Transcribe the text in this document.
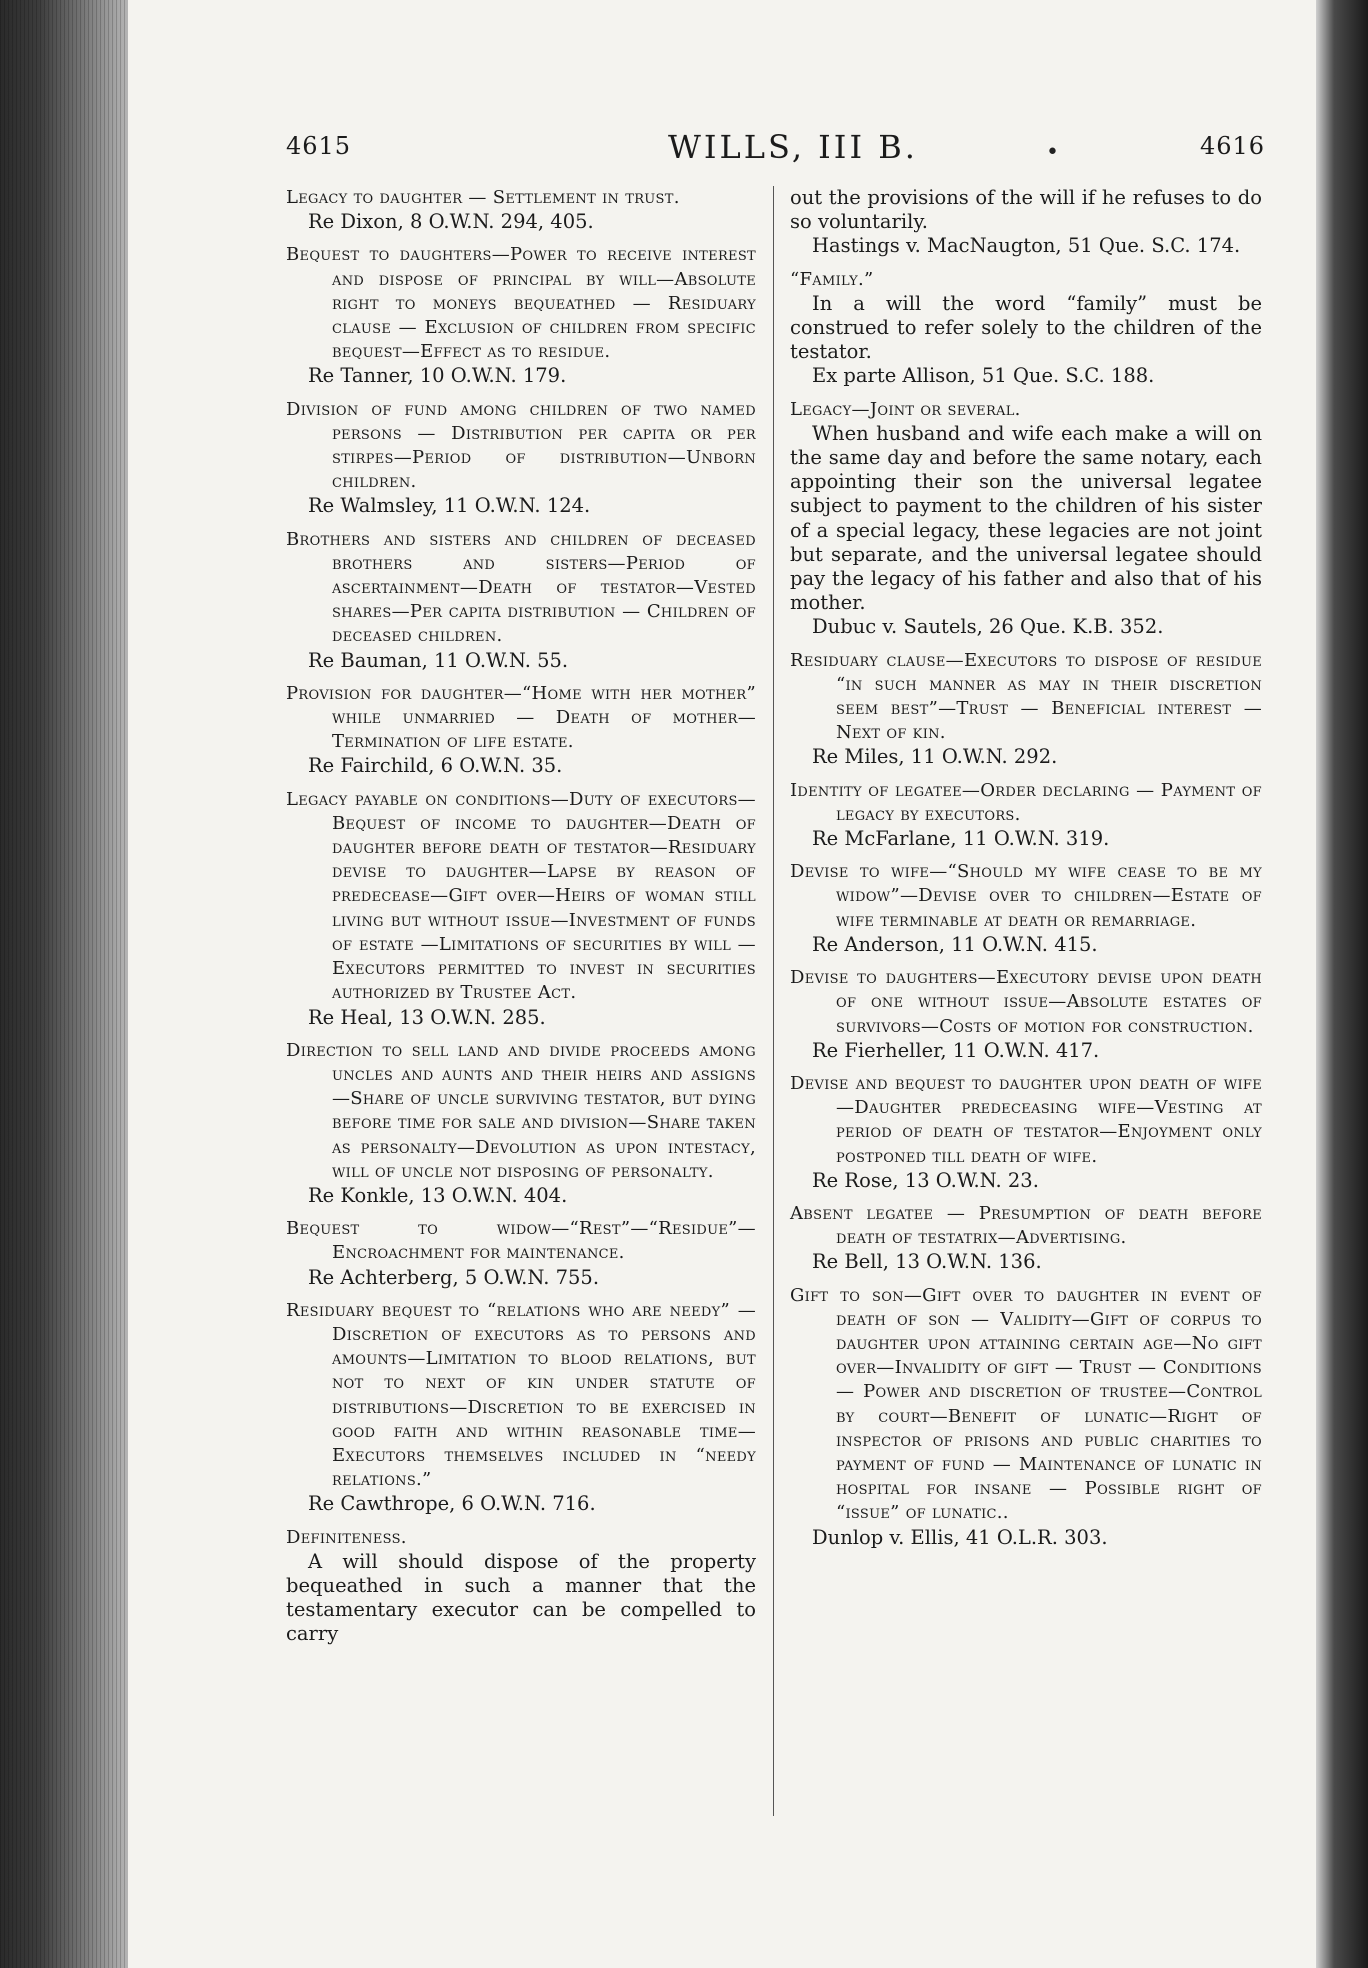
4615	WILLS, III B.	4616
•
Legacy to daughter — Settlement in trust.
Re Dixon, 8 O.W.N. 294, 405.
Bequest to daughters—Power to receive interest and dispose of principal by will—Absolute right to moneys bequeathed — Residuary clause — Exclusion of children from specific bequest—Effect as to residue.
Re Tanner, 10 O.W.N. 179.
Division of fund among children of two named persons — Distribution per capita or per stirpes—Period of distribution—Unborn children.
Re Walmsley, 11 O.W.N. 124.
Brothers and sisters and children of deceased brothers and sisters—Period of ascertainment—Death of testator—Vested shares—Per capita distribution — Children of deceased children.
Re Bauman, 11 O.W.N. 55.
Provision for daughter—“Home with her mother” while unmarried — Death of mother—Termination of life estate.
Re Fairchild, 6 O.W.N. 35.
Legacy payable on conditions—Duty of executors—Bequest of income to daughter—Death of daughter before death of testator—Residuary devise to daughter—Lapse by reason of predecease—Gift over—Heirs of woman still living but without issue—Investment of funds of estate —Limitations of securities by will —Executors permitted to invest in securities authorized by Trustee Act.
Re Heal, 13 O.W.N. 285.
Direction to sell land and divide proceeds among uncles and aunts and their heirs and assigns—Share of uncle surviving testator, but dying before time for sale and division—Share taken as personalty—Devolution as upon intestacy, will of uncle not disposing of personalty.
Re Konkle, 13 O.W.N. 404.
Bequest to widow—“Rest”—“Residue”—Encroachment for maintenance.
Re Achterberg, 5 O.W.N. 755.
Residuary bequest to “relations who are needy” — Discretion of executors as to persons and amounts—Limitation to blood relations, but not to next of kin under statute of distributions—Discretion to be exercised in good faith and within reasonable time—Executors themselves included in “needy relations.”
Re Cawthrope, 6 O.W.N. 716.
Definiteness.
A will should dispose of the property bequeathed in such a manner that the testamentary executor can be compelled to carry
out the provisions of the will if he refuses to do so voluntarily.
Hastings v. MacNaugton, 51 Que. S.C. 174.
“Family.”
In a will the word “family” must be construed to refer solely to the children of the testator.
Ex parte Allison, 51 Que. S.C. 188.
Legacy—Joint or several.
When husband and wife each make a will on the same day and before the same notary, each appointing their son the universal legatee subject to payment to the children of his sister of a special legacy, these legacies are not joint but separate, and the universal legatee should pay the legacy of his father and also that of his mother.
Dubuc v. Sautels, 26 Que. K.B. 352.
Residuary clause—Executors to dispose of residue “in such manner as may in their discretion seem best”—Trust — Beneficial interest —Next of kin.
Re Miles, 11 O.W.N. 292.
Identity of legatee—Order declaring — Payment of legacy by executors.
Re McFarlane, 11 O.W.N. 319.
Devise to wife—“Should my wife cease to be my widow”—Devise over to children—Estate of wife terminable at death or remarriage.
Re Anderson, 11 O.W.N. 415.
Devise to daughters—Executory devise upon death of one without issue—Absolute estates of survivors—Costs of motion for construction.
Re Fierheller, 11 O.W.N. 417.
Devise and bequest to daughter upon death of wife—Daughter predeceasing wife—Vesting at period of death of testator—Enjoyment only postponed till death of wife.
Re Rose, 13 O.W.N. 23.
Absent legatee — Presumption of death before death of testatrix—Advertising.
Re Bell, 13 O.W.N. 136.
Gift to son—Gift over to daughter in event of death of son — Validity—Gift of corpus to daughter upon attaining certain age—No gift over—Invalidity of gift — Trust — Conditions — Power and discretion of trustee—Control by court—Benefit of lunatic—Right of inspector of prisons and public charities to payment of fund — Maintenance of lunatic in hospital for insane — Possible right of “issue” of lunatic..
Dunlop v. Ellis, 41 O.L.R. 303.
